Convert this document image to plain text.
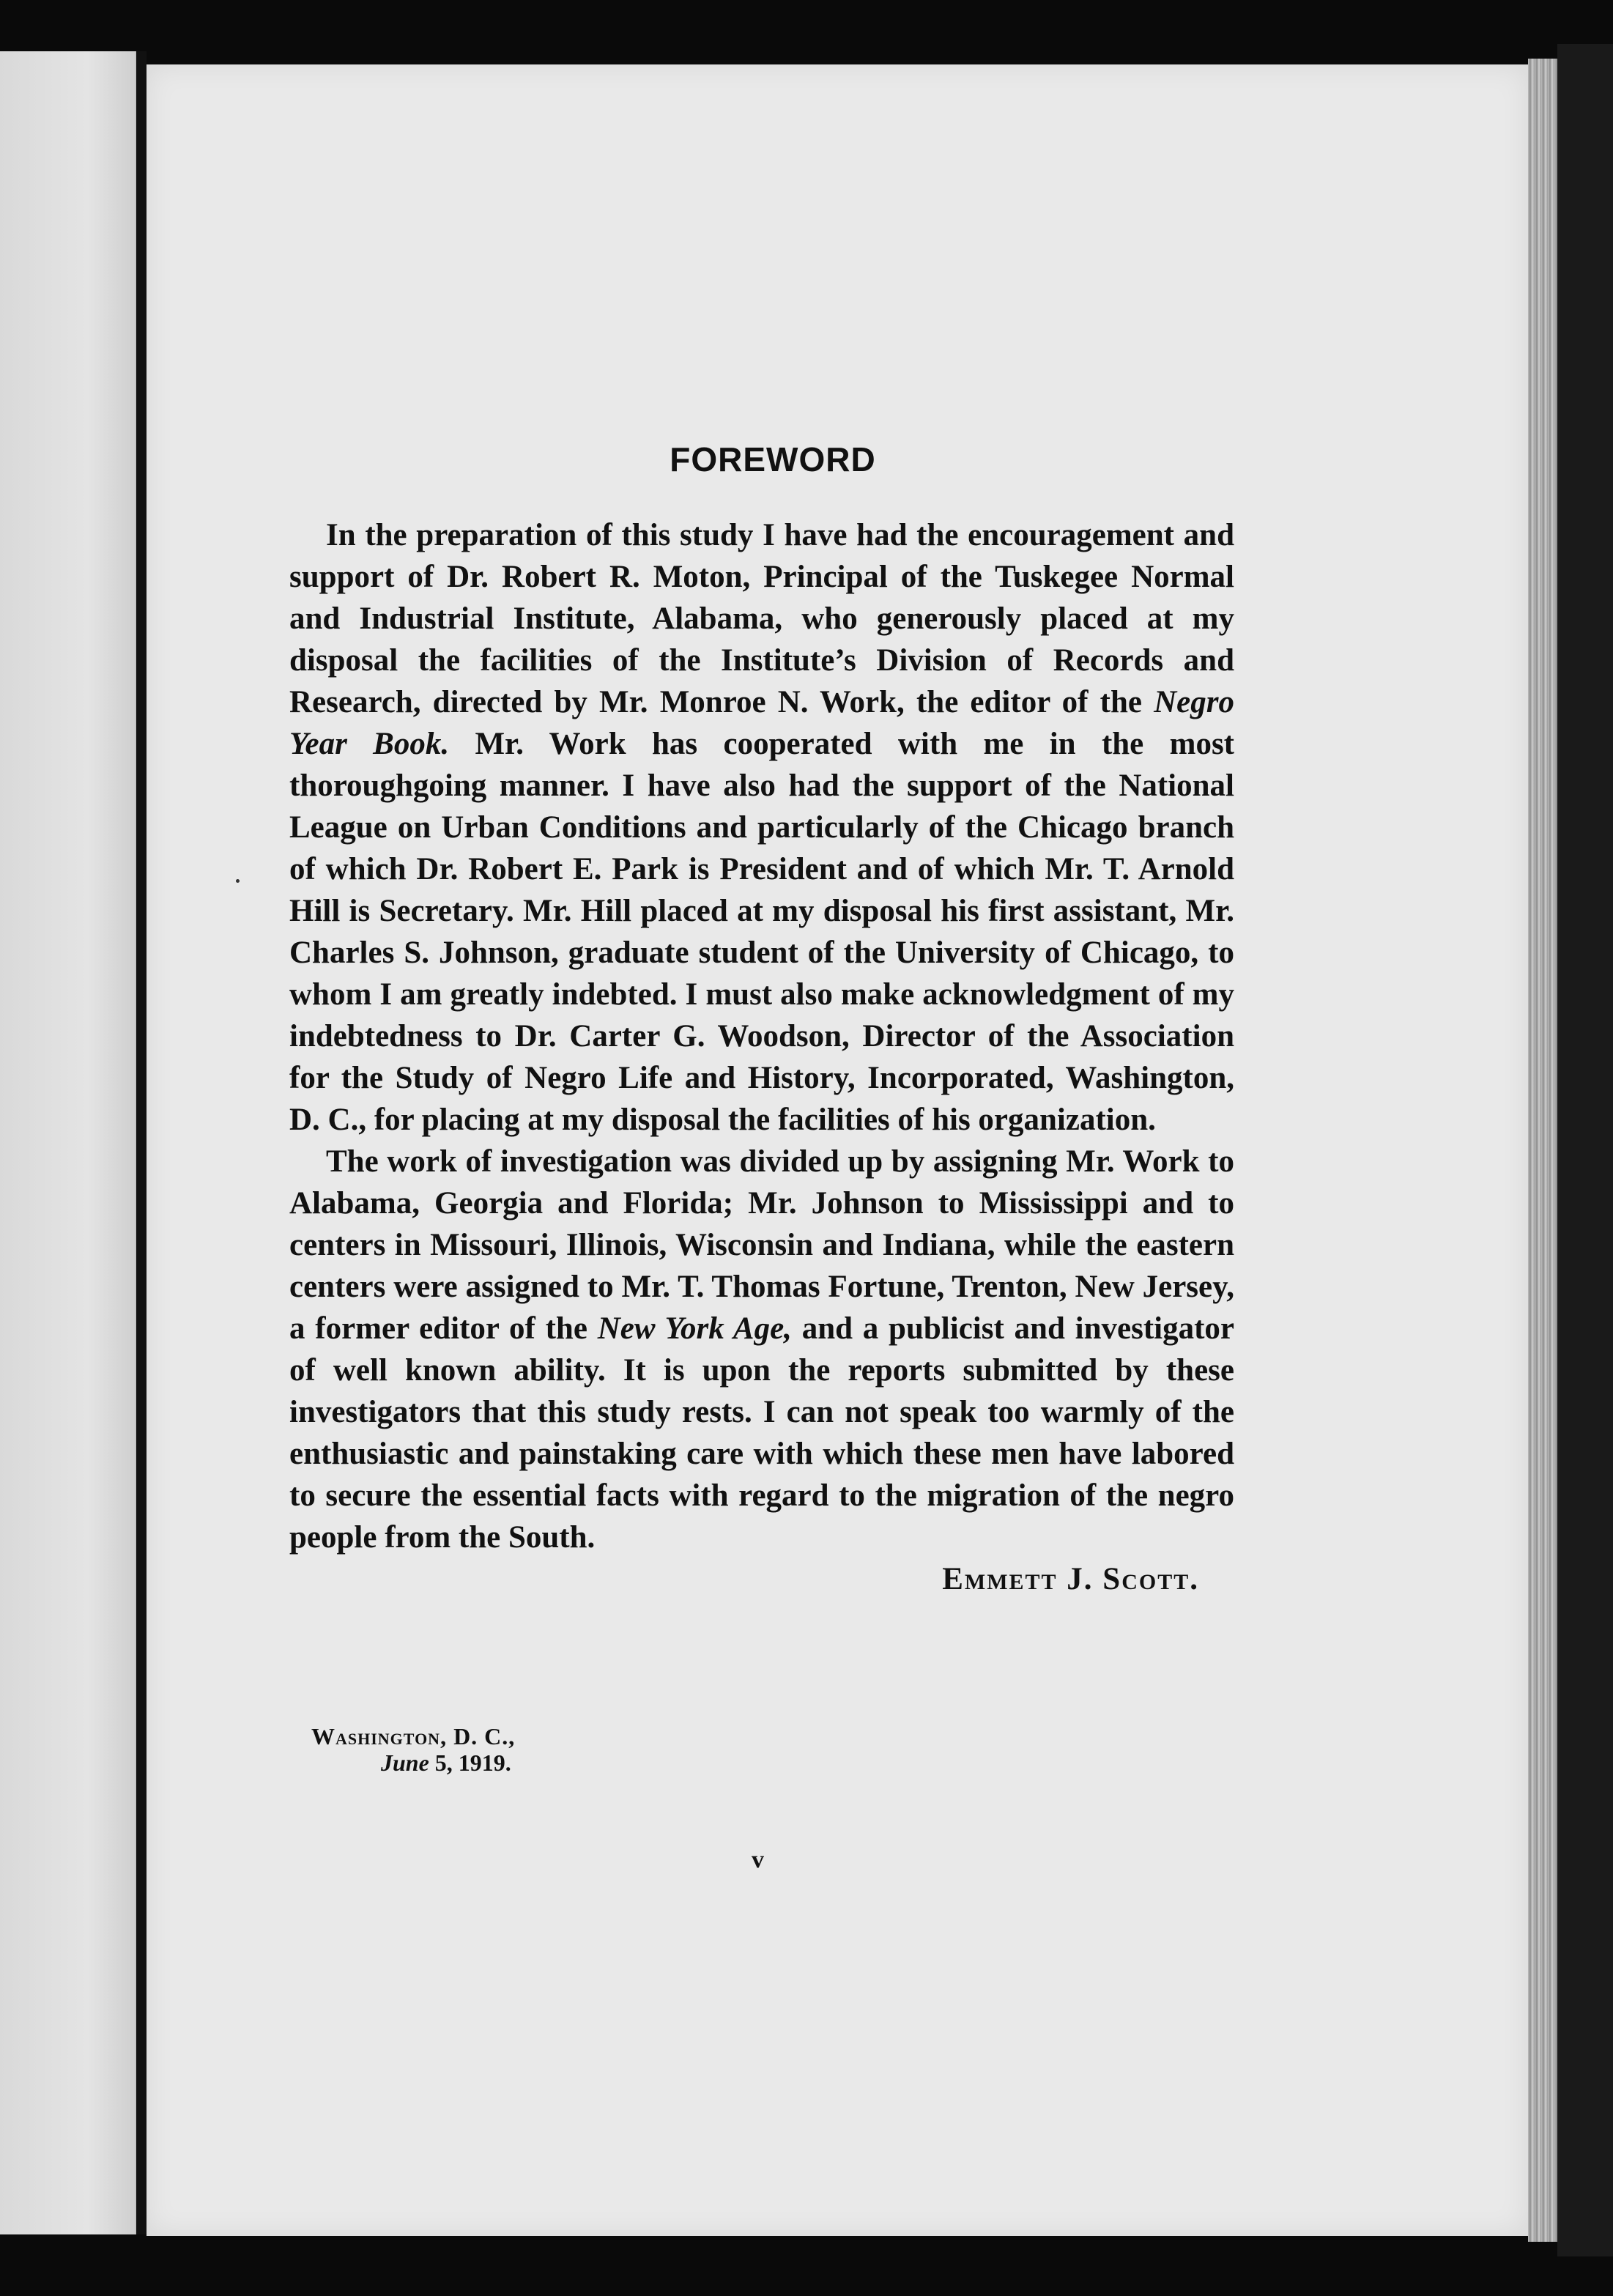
FOREWORD

In the preparation of this study I have had the encouragement and support of Dr. Robert R. Moton, Principal of the Tuskegee Normal and Industrial Institute, Alabama, who generously placed at my disposal the facilities of the Institute’s Division of Records and Research, directed by Mr. Monroe N. Work, the editor of the Negro Year Book. Mr. Work has cooperated with me in the most thoroughgoing manner. I have also had the support of the National League on Urban Conditions and particularly of the Chicago branch of which Dr. Robert E. Park is President and of which Mr. T. Arnold Hill is Secretary. Mr. Hill placed at my disposal his first assistant, Mr. Charles S. Johnson, graduate student of the University of Chicago, to whom I am greatly indebted. I must also make acknowledgment of my indebtedness to Dr. Carter G. Woodson, Director of the Association for the Study of Negro Life and History, Incorporated, Washington, D. C., for placing at my disposal the facilities of his organization.

The work of investigation was divided up by assigning Mr. Work to Alabama, Georgia and Florida; Mr. Johnson to Mississippi and to centers in Missouri, Illinois, Wisconsin and Indiana, while the eastern centers were assigned to Mr. T. Thomas Fortune, Trenton, New Jersey, a former editor of the New York Age, and a publicist and investigator of well known ability. It is upon the reports submitted by these investigators that this study rests. I can not speak too warmly of the enthusiastic and painstaking care with which these men have labored to secure the essential facts with regard to the migration of the negro people from the South.

Emmett J. Scott.
Washington, D. C.,
June 5, 1919.
v
